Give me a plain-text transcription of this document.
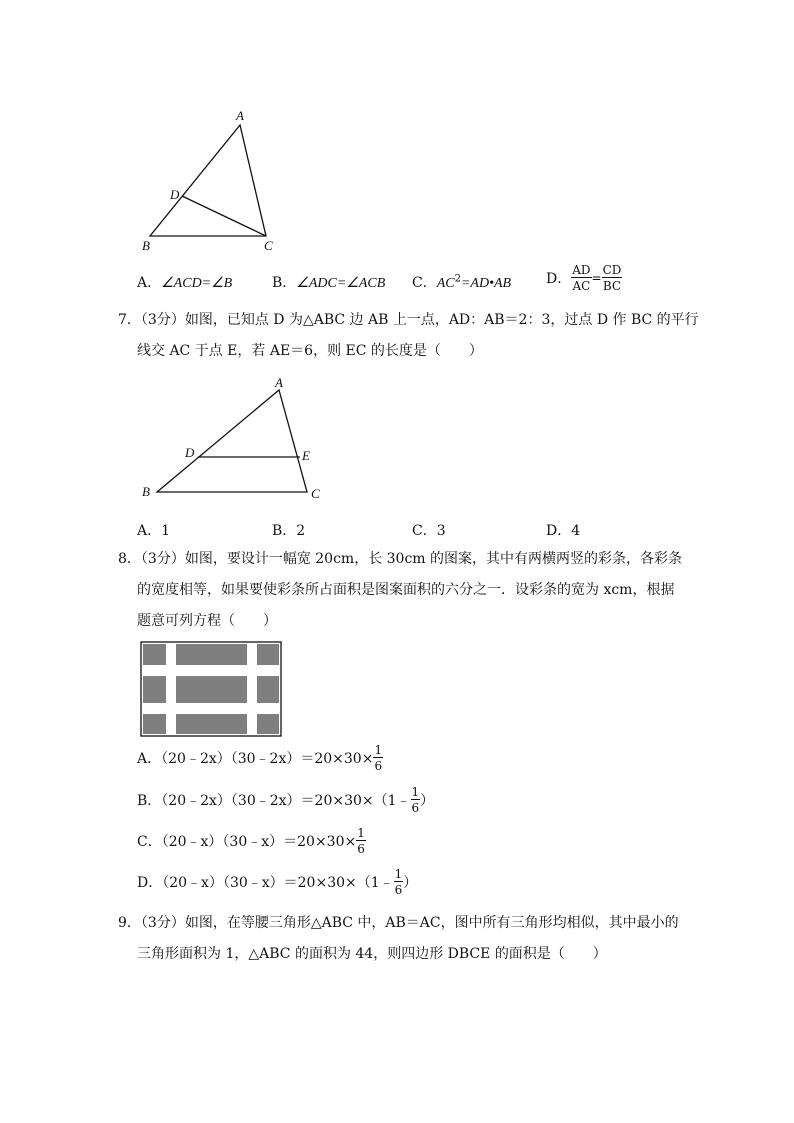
A
D
B	C
A．∠ACD=∠B	B．∠ADC=∠ACB C．$AC^2=AD•AB$ D． $\frac{AD}{AC} = \frac{CD}{BC}$
7．（3分）如图，已知点 D 为△ABC 边 AB 上一点，AD：AB＝2：3，过点 D 作 BC 的平行
线交 AC 于点 E，若 AE＝6，则 EC 的长度是（　　）
A
D	E
B	C
A．1	B．2	C．3	D．4
8．（3分）如图，要设计一幅宽 20cm，长 30cm 的图案，其中有两横两竖的彩条，各彩条
的宽度相等，如果要使彩条所占面积是图案面积的六分之一．设彩条的宽为 xcm，根据
题意可列方程（　　）
A．（20﹣2x）（30﹣2x）＝20×30× $\frac{1}{6}$
B．（20﹣2x）（30﹣2x）＝20×30×（1﹣ $\frac{1}{6}$ ）
C．（20﹣x）（30﹣x）＝20×30× $\frac{1}{6}$
D．（20﹣x）（30﹣x）＝20×30×（1﹣ $\frac{1}{6}$ ）
9．（3分）如图，在等腰三角形△ABC 中，AB＝AC，图中所有三角形均相似，其中最小的
三角形面积为 1，△ABC 的面积为 44，则四边形 DBCE 的面积是（　　）
